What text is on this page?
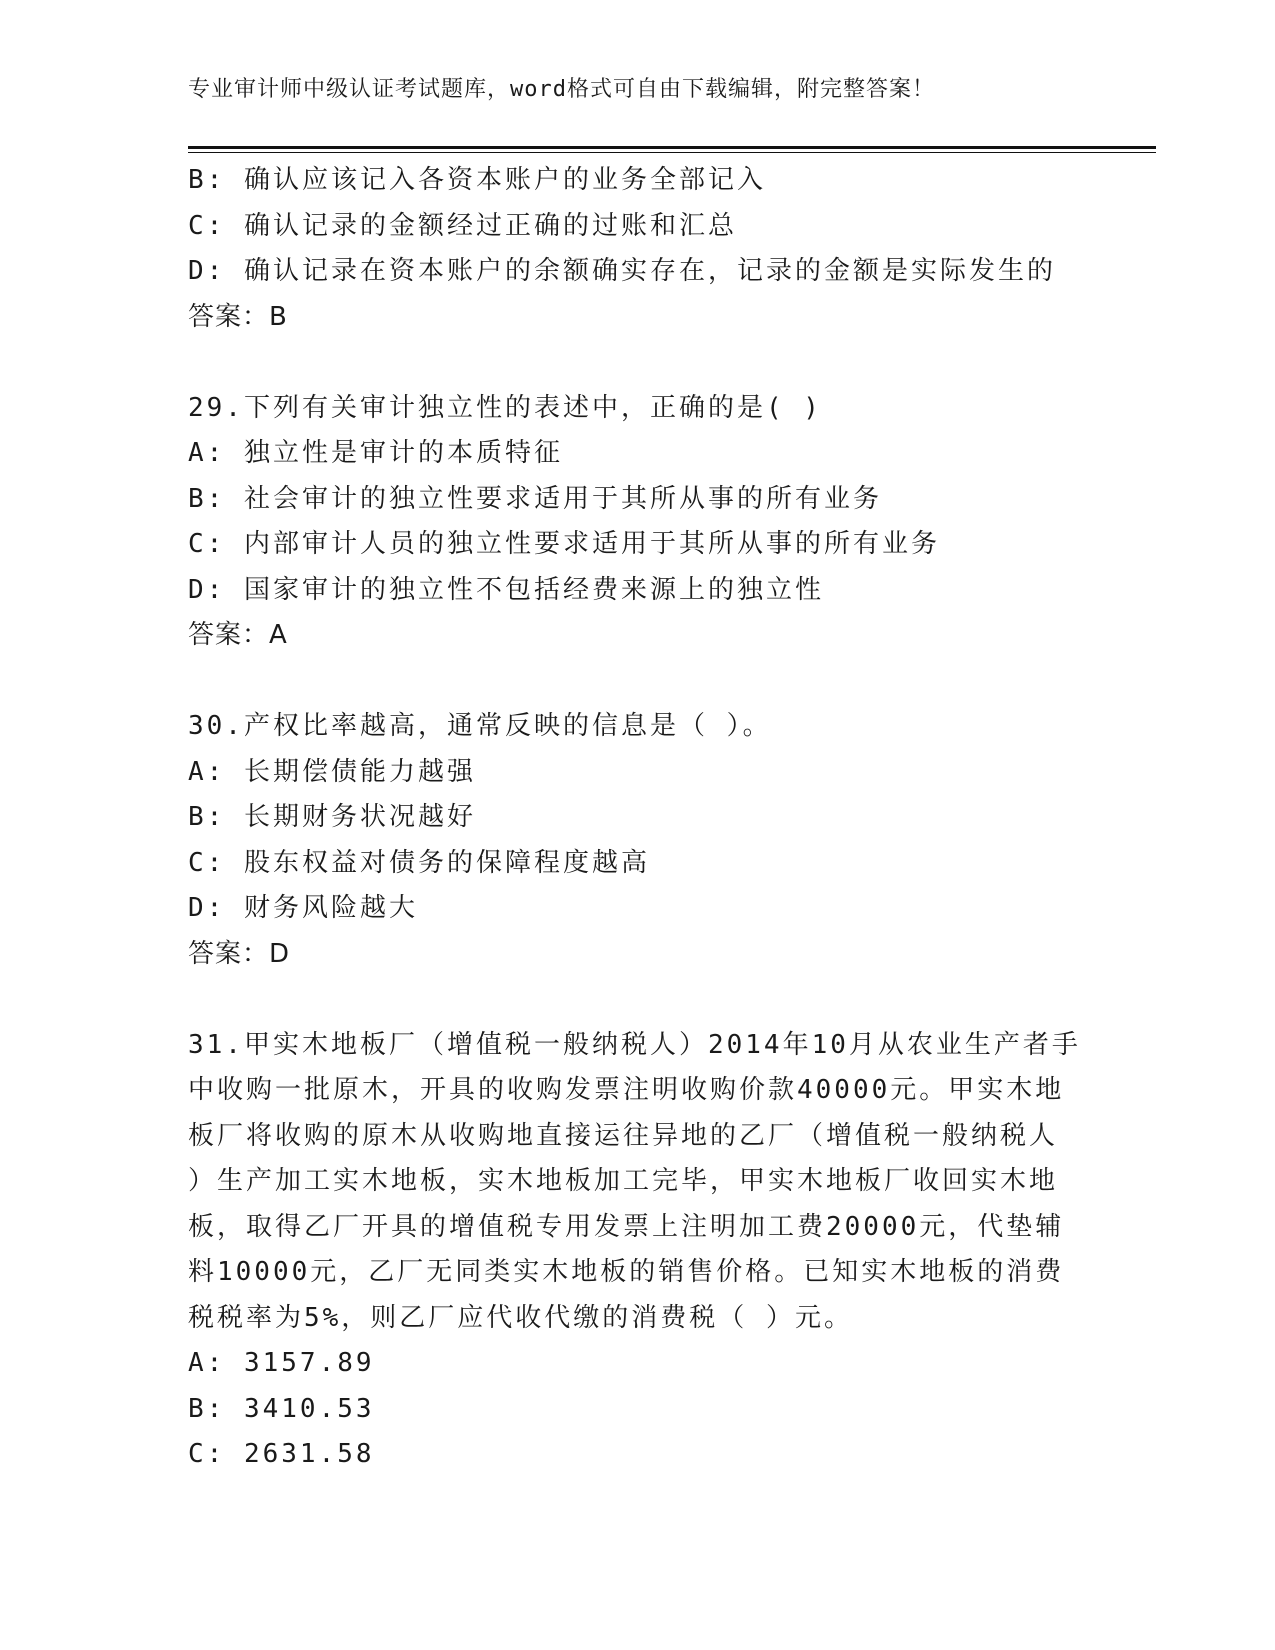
专业审计师中级认证考试题库，word格式可自由下载编辑，附完整答案！
B: 确认应该记入各资本账户的业务全部记入
C: 确认记录的金额经过正确的过账和汇总
D: 确认记录在资本账户的余额确实存在，记录的金额是实际发生的
答案：B
29.下列有关审计独立性的表述中，正确的是( )
A: 独立性是审计的本质特征
B: 社会审计的独立性要求适用于其所从事的所有业务
C: 内部审计人员的独立性要求适用于其所从事的所有业务
D: 国家审计的独立性不包括经费来源上的独立性
答案：A
30.产权比率越高，通常反映的信息是（ ）。
A: 长期偿债能力越强
B: 长期财务状况越好
C: 股东权益对债务的保障程度越高
D: 财务风险越大
答案：D
31.甲实木地板厂（增值税一般纳税人）2014年10月从农业生产者手
中收购一批原木，开具的收购发票注明收购价款40000元。甲实木地
板厂将收购的原木从收购地直接运往异地的乙厂（增值税一般纳税人
）生产加工实木地板，实木地板加工完毕，甲实木地板厂收回实木地
板，取得乙厂开具的增值税专用发票上注明加工费20000元，代垫辅
料10000元，乙厂无同类实木地板的销售价格。已知实木地板的消费
税税率为5%，则乙厂应代收代缴的消费税（ ）元。
A: 3157.89
B: 3410.53
C: 2631.58
